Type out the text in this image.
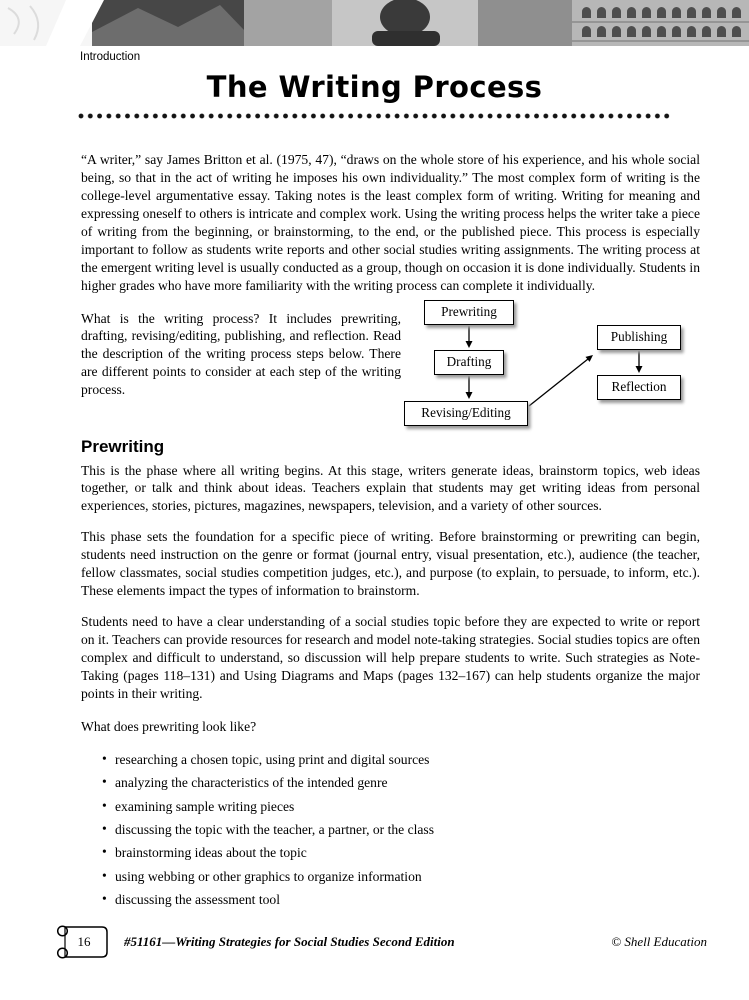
Introduction
The Writing Process

“A writer,” say James Britton et al. (1975, 47), “draws on the whole store of his experience, and his whole social being, so that in the act of writing he imposes his own individuality.” The most complex form of writing is the college-level argumentative essay. Taking notes is the least complex form of writing. Writing for meaning and expressing oneself to others is intricate and complex work. Using the writing process helps the writer take a piece of writing from the beginning, or brainstorming, to the end, or the published piece. This process is especially important to follow as students write reports and other social studies writing assignments. The writing process at the emergent writing level is usually conducted as a group, though on occasion it is done individually. Students in higher grades who have more familiarity with the writing process can complete it individually.

What is the writing process? It includes prewriting, drafting, revising/editing, publishing, and reflection. Read the description of the writing process steps below. There are different points to consider at each step of the writing process.

Prewriting
Drafting
Revising/Editing
Publishing
Reflection
Prewriting

This is the phase where all writing begins. At this stage, writers generate ideas, brainstorm topics, web ideas together, or talk and think about ideas. Teachers explain that students may get writing ideas from personal experiences, stories, pictures, magazines, newspapers, television, and a variety of other sources.

This phase sets the foundation for a specific piece of writing. Before brainstorming or prewriting can begin, students need instruction on the genre or format (journal entry, visual presentation, etc.), audience (the teacher, fellow classmates, social studies competition judges, etc.), and purpose (to explain, to persuade, to inform, etc.). These elements impact the types of information to brainstorm.

Students need to have a clear understanding of a social studies topic before they are expected to write or report on it. Teachers can provide resources for research and model note-taking strategies. Social studies topics are often complex and difficult to understand, so discussion will help prepare students to write. Such strategies as Note-Taking (pages 118–131) and Using Diagrams and Maps (pages 132–167) can help students organize the major points in their writing.

What does prewriting look like?

• researching a chosen topic, using print and digital sources
• analyzing the characteristics of the intended genre
• examining sample writing pieces
• discussing the topic with the teacher, a partner, or the class
• brainstorming ideas about the topic
• using webbing or other graphics to organize information
• discussing the assessment tool
16	#51161—Writing Strategies for Social Studies Second Edition	© Shell Education
